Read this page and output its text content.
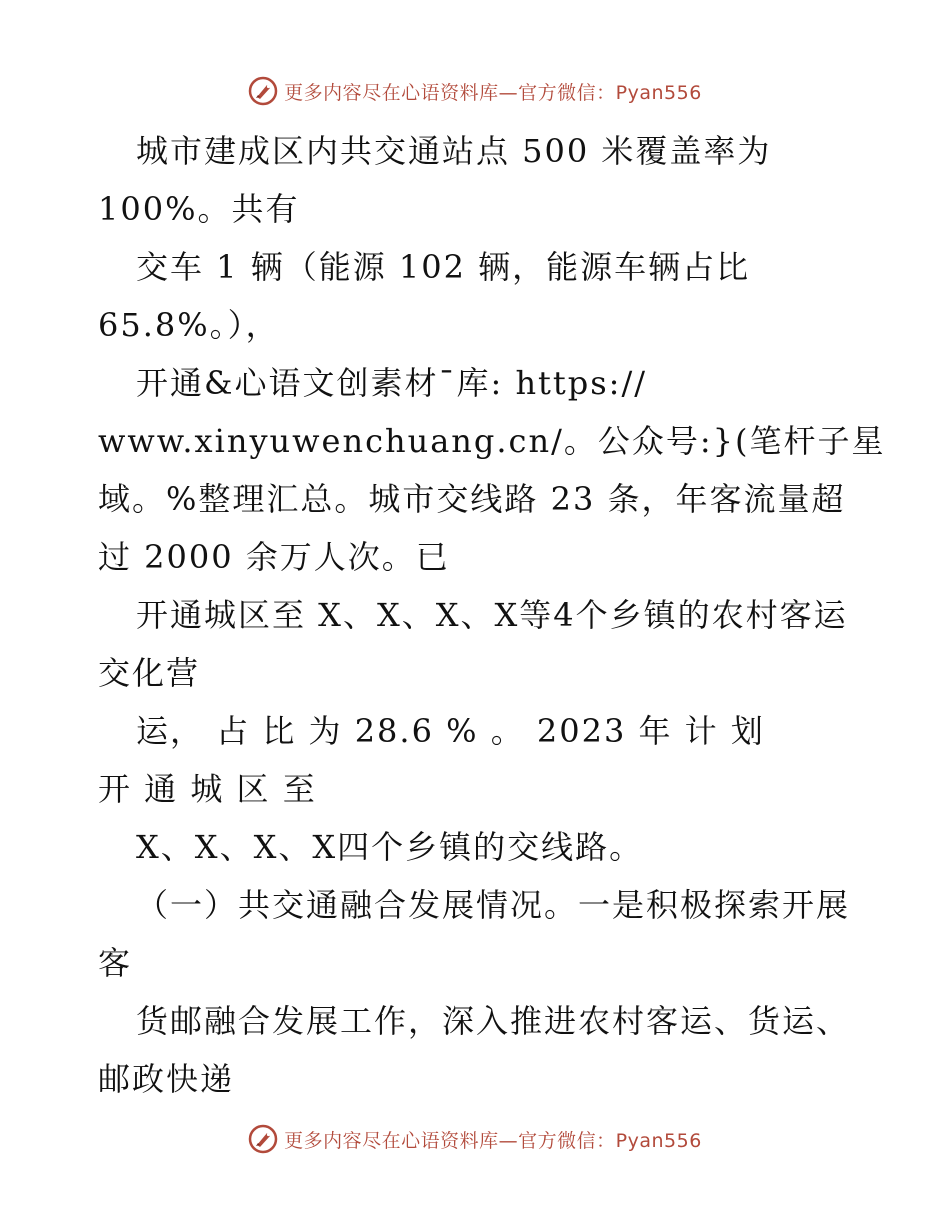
更多内容尽在心语资料库—官方微信：Pyan556
城市建成区内共交通站点 500 米覆盖率为
100%。共有
交车 1 辆（能源 102 辆，能源车辆占比
65.8%。），
开通&心语文创素材¯库: https://
www.xinyuwenchuang.cn/。公众号:}(笔杆子星
域。%整理汇总。城市交线路 23 条，年客流量超
过 2000 余万人次。已
开通城区至 X、X、X、X等4个乡镇的农村客运
交化营
运， 占 比 为 28.6 % 。 2023 年 计 划
开 通 城 区 至
X、X、X、X四个乡镇的交线路。
（一）共交通融合发展情况。一是积极探索开展
客
货邮融合发展工作，深入推进农村客运、货运、
邮政快递
更多内容尽在心语资料库—官方微信：Pyan556
